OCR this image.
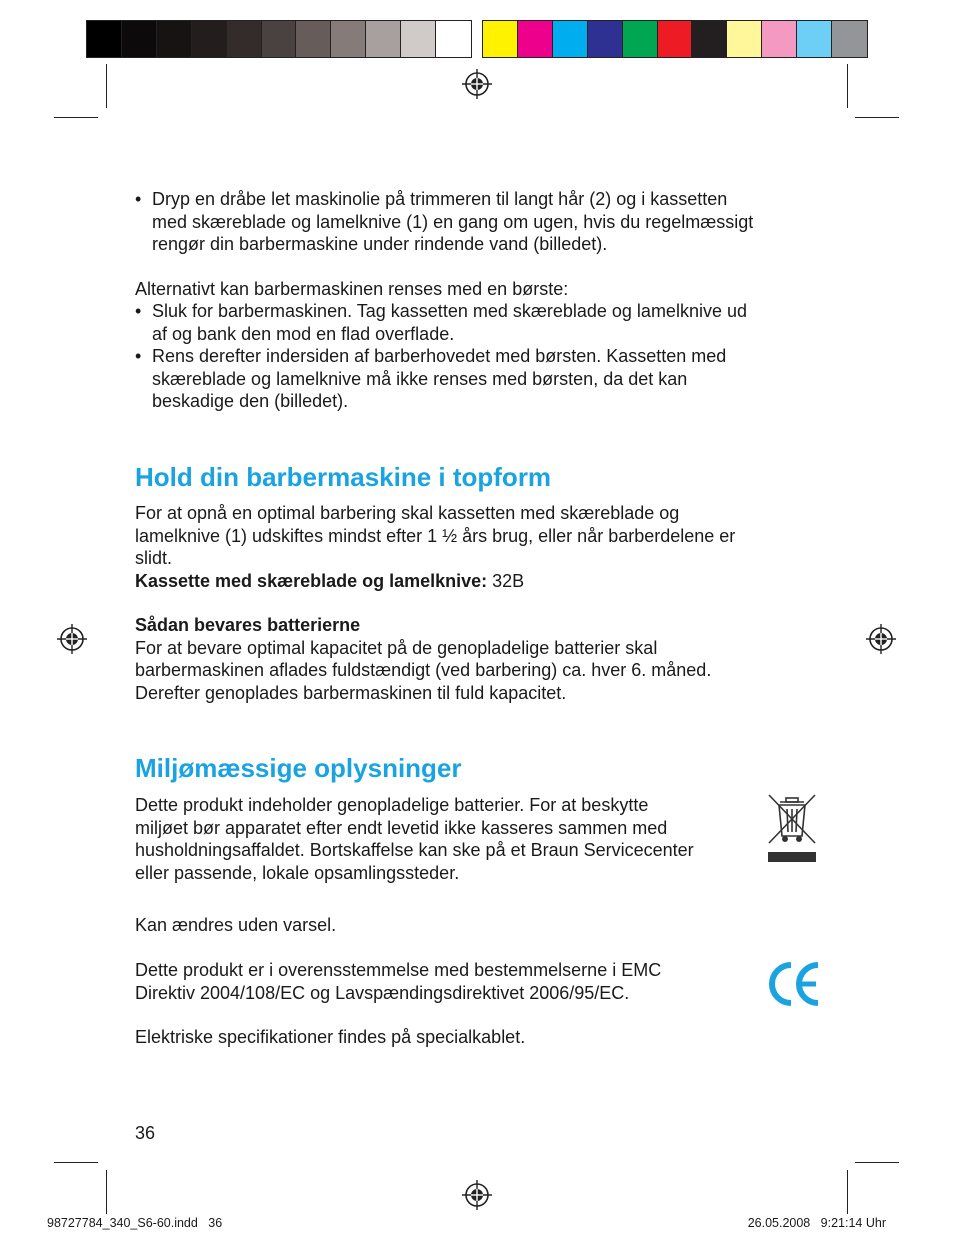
• Dryp en dråbe let maskinolie på trimmeren til langt hår (2) og i kassetten
med skæreblade og lamelknive (1) en gang om ugen, hvis du regelmæssigt
rengør din barbermaskine under rindende vand (billedet).
Alternativt kan barbermaskinen renses med en børste:
• Sluk for barbermaskinen. Tag kassetten med skæreblade og lamelknive ud
af og bank den mod en flad overflade.
• Rens derefter indersiden af barberhovedet med børsten. Kassetten med
skæreblade og lamelknive må ikke renses med børsten, da det kan
beskadige den (billedet).
Hold din barbermaskine i topform
For at opnå en optimal barbering skal kassetten med skæreblade og
lamelknive (1) udskiftes mindst efter 1 ½ års brug, eller når barberdelene er
slidt.
Kassette med skæreblade og lamelknive: 32B
Sådan bevares batterierne
For at bevare optimal kapacitet på de genopladelige batterier skal
barbermaskinen aflades fuldstændigt (ved barbering) ca. hver 6. måned.
Derefter genoplades barbermaskinen til fuld kapacitet.
Miljømæssige oplysninger
Dette produkt indeholder genopladelige batterier. For at beskytte
miljøet bør apparatet efter endt levetid ikke kasseres sammen med
husholdningsaffaldet. Bortskaffelse kan ske på et Braun Servicecenter
eller passende, lokale opsamlingssteder.
Kan ændres uden varsel.
Dette produkt er i overensstemmelse med bestemmelserne i EMC
Direktiv 2004/108/EC og Lavspændingsdirektivet 2006/95/EC.
Elektriske specifikationer findes på specialkablet.
36
98727784_340_S6-60.indd   36	26.05.2008   9:21:14 Uhr
